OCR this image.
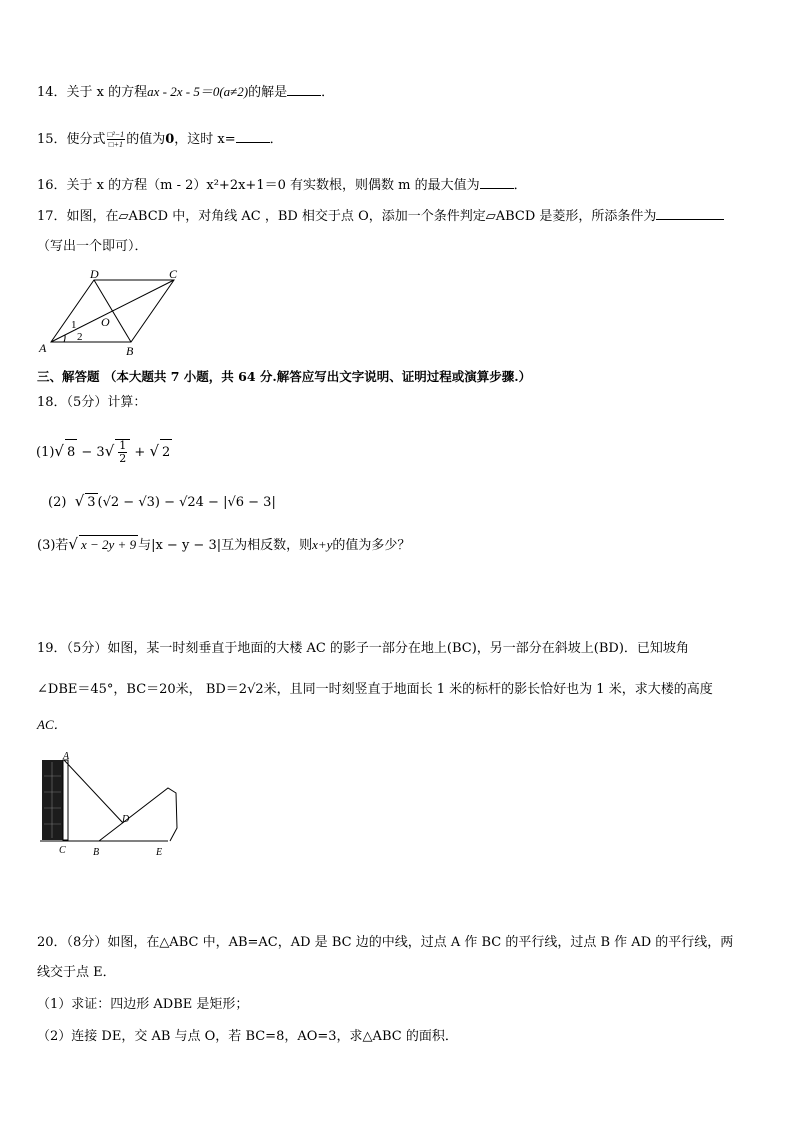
14．关于 x 的方程ax - 2x - 5＝0(a≠2)的解是	．
15．使分式 $\frac{\text{□²−1}}{□+1}$ 的值为0，这时 x=	．
16．关于 x 的方程（m - 2）x²+2x+1＝0 有实数根，则偶数 m 的最大值为	．
17．如图，在▱ABCD 中，对角线 AC ，BD 相交于点 O，添加一个条件判定▱ABCD 是菱形，所添条件为
（写出一个即可）．
D	C
O
1
2
A	B
三、解答题 （本大题共 7 小题，共 64 分.解答应写出文字说明、证明过程或演算步骤.）
18．（5分）计算：
(1)√ $8 - 3√ \frac{1}{2}$ + √ 2
(2) √ 3 (√2 − √3) − √24 − |√6 − 3|
(3)若√ x − 2y + 9 与|x − y − 3|互为相反数，则x+y的值为多少？
19．（5分）如图，某一时刻垂直于地面的大楼 AC 的影子一部分在地上(BC)，另一部分在斜坡上(BD)．已知坡角
∠DBE＝45°，BC＝20米， BD＝2√2米，且同一时刻竖直于地面长 1 米的标杆的影长恰好也为 1 米，求大楼的高度
AC．
A
D
C	B	E
20．（8分）如图，在△ABC 中，AB=AC，AD 是 BC 边的中线，过点 A 作 BC 的平行线，过点 B 作 AD 的平行线，两
线交于点 E．
（1）求证：四边形 ADBE 是矩形；
（2）连接 DE，交 AB 与点 O，若 BC=8，AO=3，求△ABC 的面积．
